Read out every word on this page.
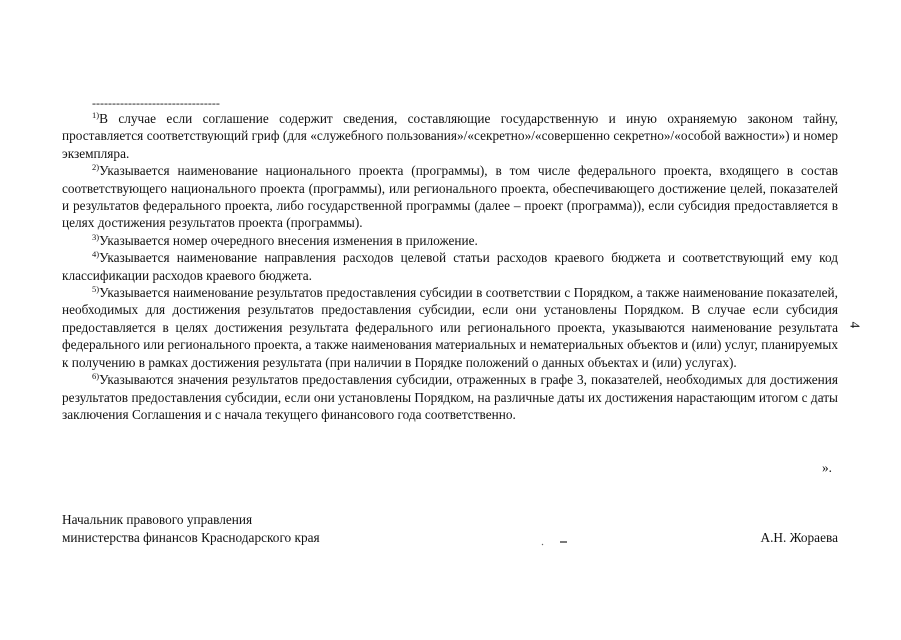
--------------------------------

$^{1)}$В случае если соглашение содержит сведения, составляющие государственную и иную охраняемую законом тайну, проставляется соответствующий гриф (для «служебного пользования»/«секретно»/«совершенно секретно»/«особой важности») и номер экземпляра.

$^{2)}$Указывается наименование национального проекта (программы), в том числе федерального проекта, входящего в состав соответствующего национального проекта (программы), или регионального проекта, обеспечивающего достижение целей, показателей и результатов федерального проекта, либо государственной программы (далее – проект (программа)), если субсидия предоставляется в целях достижения результатов проекта (программы).

$^{3)}$Указывается номер очередного внесения изменения в приложение.

$^{4)}$Указывается наименование направления расходов целевой статьи расходов краевого бюджета и соответствующий ему код классификации расходов краевого бюджета.

$^{5)}$Указывается наименование результатов предоставления субсидии в соответствии с Порядком, а также наименование показателей, необходимых для достижения результатов предоставления субсидии, если они установлены Порядком. В случае если субсидия предоставляется в целях достижения результата федерального или регионального проекта, указываются наименование результата федерального или регионального проекта, а также наименования материальных и нематериальных объектов и (или) услуг, планируемых к получению в рамках достижения результата (при наличии в Порядке положений о данных объектах и (или) услугах).

$^{6)}$Указываются значения результатов предоставления субсидии, отраженных в графе 3, показателей, необходимых для достижения результатов предоставления субсидии, если они установлены Порядком, на различные даты их достижения нарастающим итогом с даты заключения Соглашения и с начала текущего финансового года соответственно.

».
Начальник правового управления
министерства финансов Краснодарского края	А.Н. Жораева
4
